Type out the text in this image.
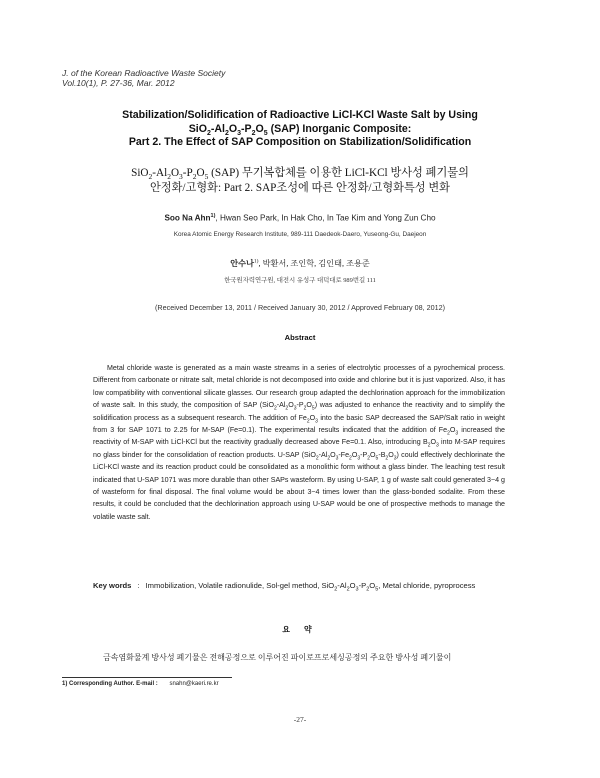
J. of the Korean Radioactive Waste Society
Vol.10(1), P. 27-36, Mar. 2012
Stabilization/Solidification of Radioactive LiCl-KCl Waste Salt by Using
$SiO_2-Al_2O_3-P_2O_5$ (SAP) Inorganic Composite:
Part 2. The Effect of SAP Composition on Stabilization/Solidification
$SiO_2-Al_2O_3-P_2O_5$ (SAP) 무기복합체를 이용한 LiCl-KCl 방사성 폐기물의
안정화/고형화: Part 2. SAP조성에 따른 안정화/고형화특성 변화
Soo Na Ahn$^{1)}$, Hwan Seo Park, In Hak Cho, In Tae Kim and Yong Zun Cho
Korea Atomic Energy Research Institute, 989-111 Daedeok-Daero, Yuseong-Gu, Daejeon
안수나$^{1)}$, 박환서, 조인학, 김인태, 조용준
한국원자력연구원, 대전시 유성구 대덕대로 989번길 111
(Received December 13, 2011 / Received January 30, 2012 / Approved February 08, 2012)
Abstract

Metal chloride waste is generated as a main waste streams in a series of electrolytic processes of a pyrochemical process. Different from carbonate or nitrate salt, metal chloride is not decomposed into oxide and chlorine but it is just vaporized. Also, it has low compatibility with conventional silicate glasses. Our research group adapted the dechlorination approach for the immobilization of waste salt. In this study, the composition of SAP $(SiO_2-Al_2O_3-P_2O_5)$ was adjusted to enhance the reactivity and to simplify the solidification process as a subsequent research. The addition of $Fe_2O_3$ into the basic SAP decreased the SAP/Salt ratio in weight from 3 for SAP 1071 to 2.25 for M-SAP (Fe=0.1). The experimental results indicated that the addition of $Fe_2O_3$ increased the reactivity of M-SAP with LiCl-KCl but the reactivity gradually decreased above Fe=0.1. Also, introducing $B_2O_3$ into M-SAP requires no glass binder for the consolidation of reaction products. U-SAP $(SiO_2-Al_2O_3-Fe_2O_3-P_2O_5-B_2O_3)$ could effectively dechlorinate the LiCl-KCl waste and its reaction product could be consolidated as a monolithic form without a glass binder. The leaching test result indicated that U-SAP 1071 was more durable than other SAPs wasteform. By using U-SAP, 1 g of waste salt could generated 3~4 g of wasteform for final disposal. The final volume would be about 3~4 times lower than the glass-bonded sodalite. From these results, it could be concluded that the dechlorination approach using U-SAP would be one of prospective methods to manage the volatile waste salt.

Key words : Immobilization, Volatile radionulide, Sol-gel method, $SiO_2-Al_2O_3-P_2O_5$, Metal chloride, pyroprocess
요 약

금속염화물계 방사성 폐기물은 전해공정으로 이루어진 파이로프로세싱공정의 주요한 방사성 폐기물이

1) Corresponding Author. E-mail : snahn@kaeri.re.kr
-27-
